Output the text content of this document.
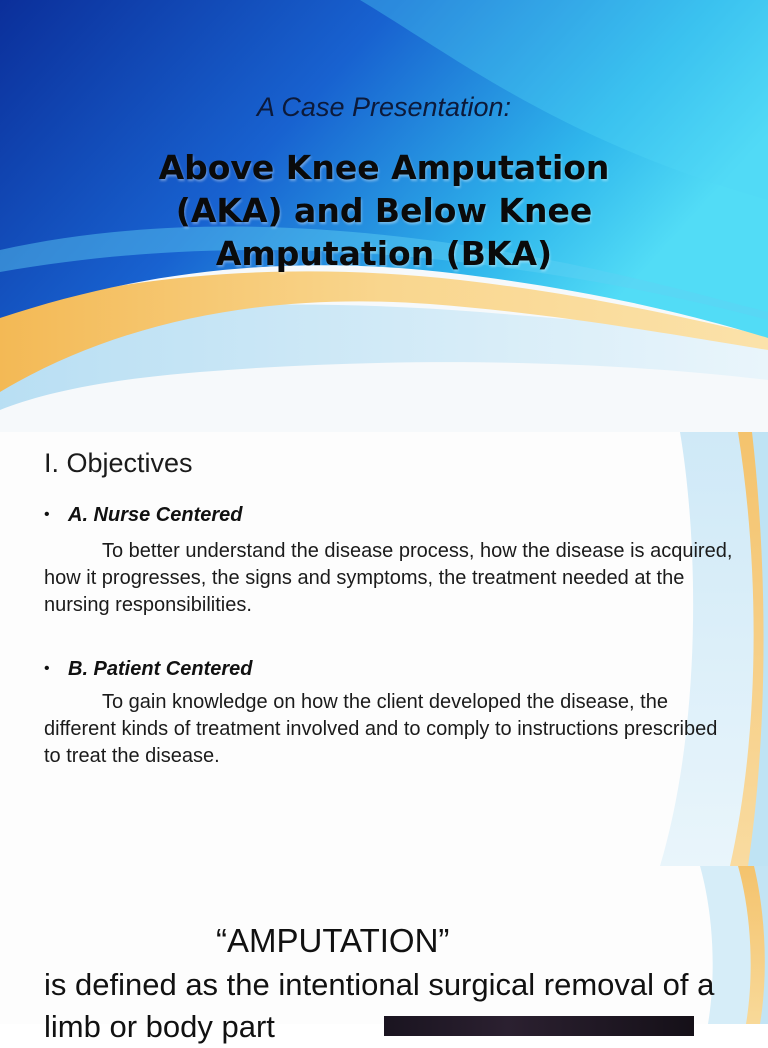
A Case Presentation:
Above Knee Amputation
(AKA) and Below Knee
Amputation (BKA)
I. Objectives
• A. Nurse Centered
To better understand the disease process, how the disease is acquired, how it progresses, the signs and symptoms, the treatment needed at the nursing responsibilities.
• B. Patient Centered
To gain knowledge on how the client developed the disease, the different kinds of treatment involved and to comply to instructions prescribed to treat the disease.
“AMPUTATION”
is defined as the intentional surgical removal of a limb or body part
